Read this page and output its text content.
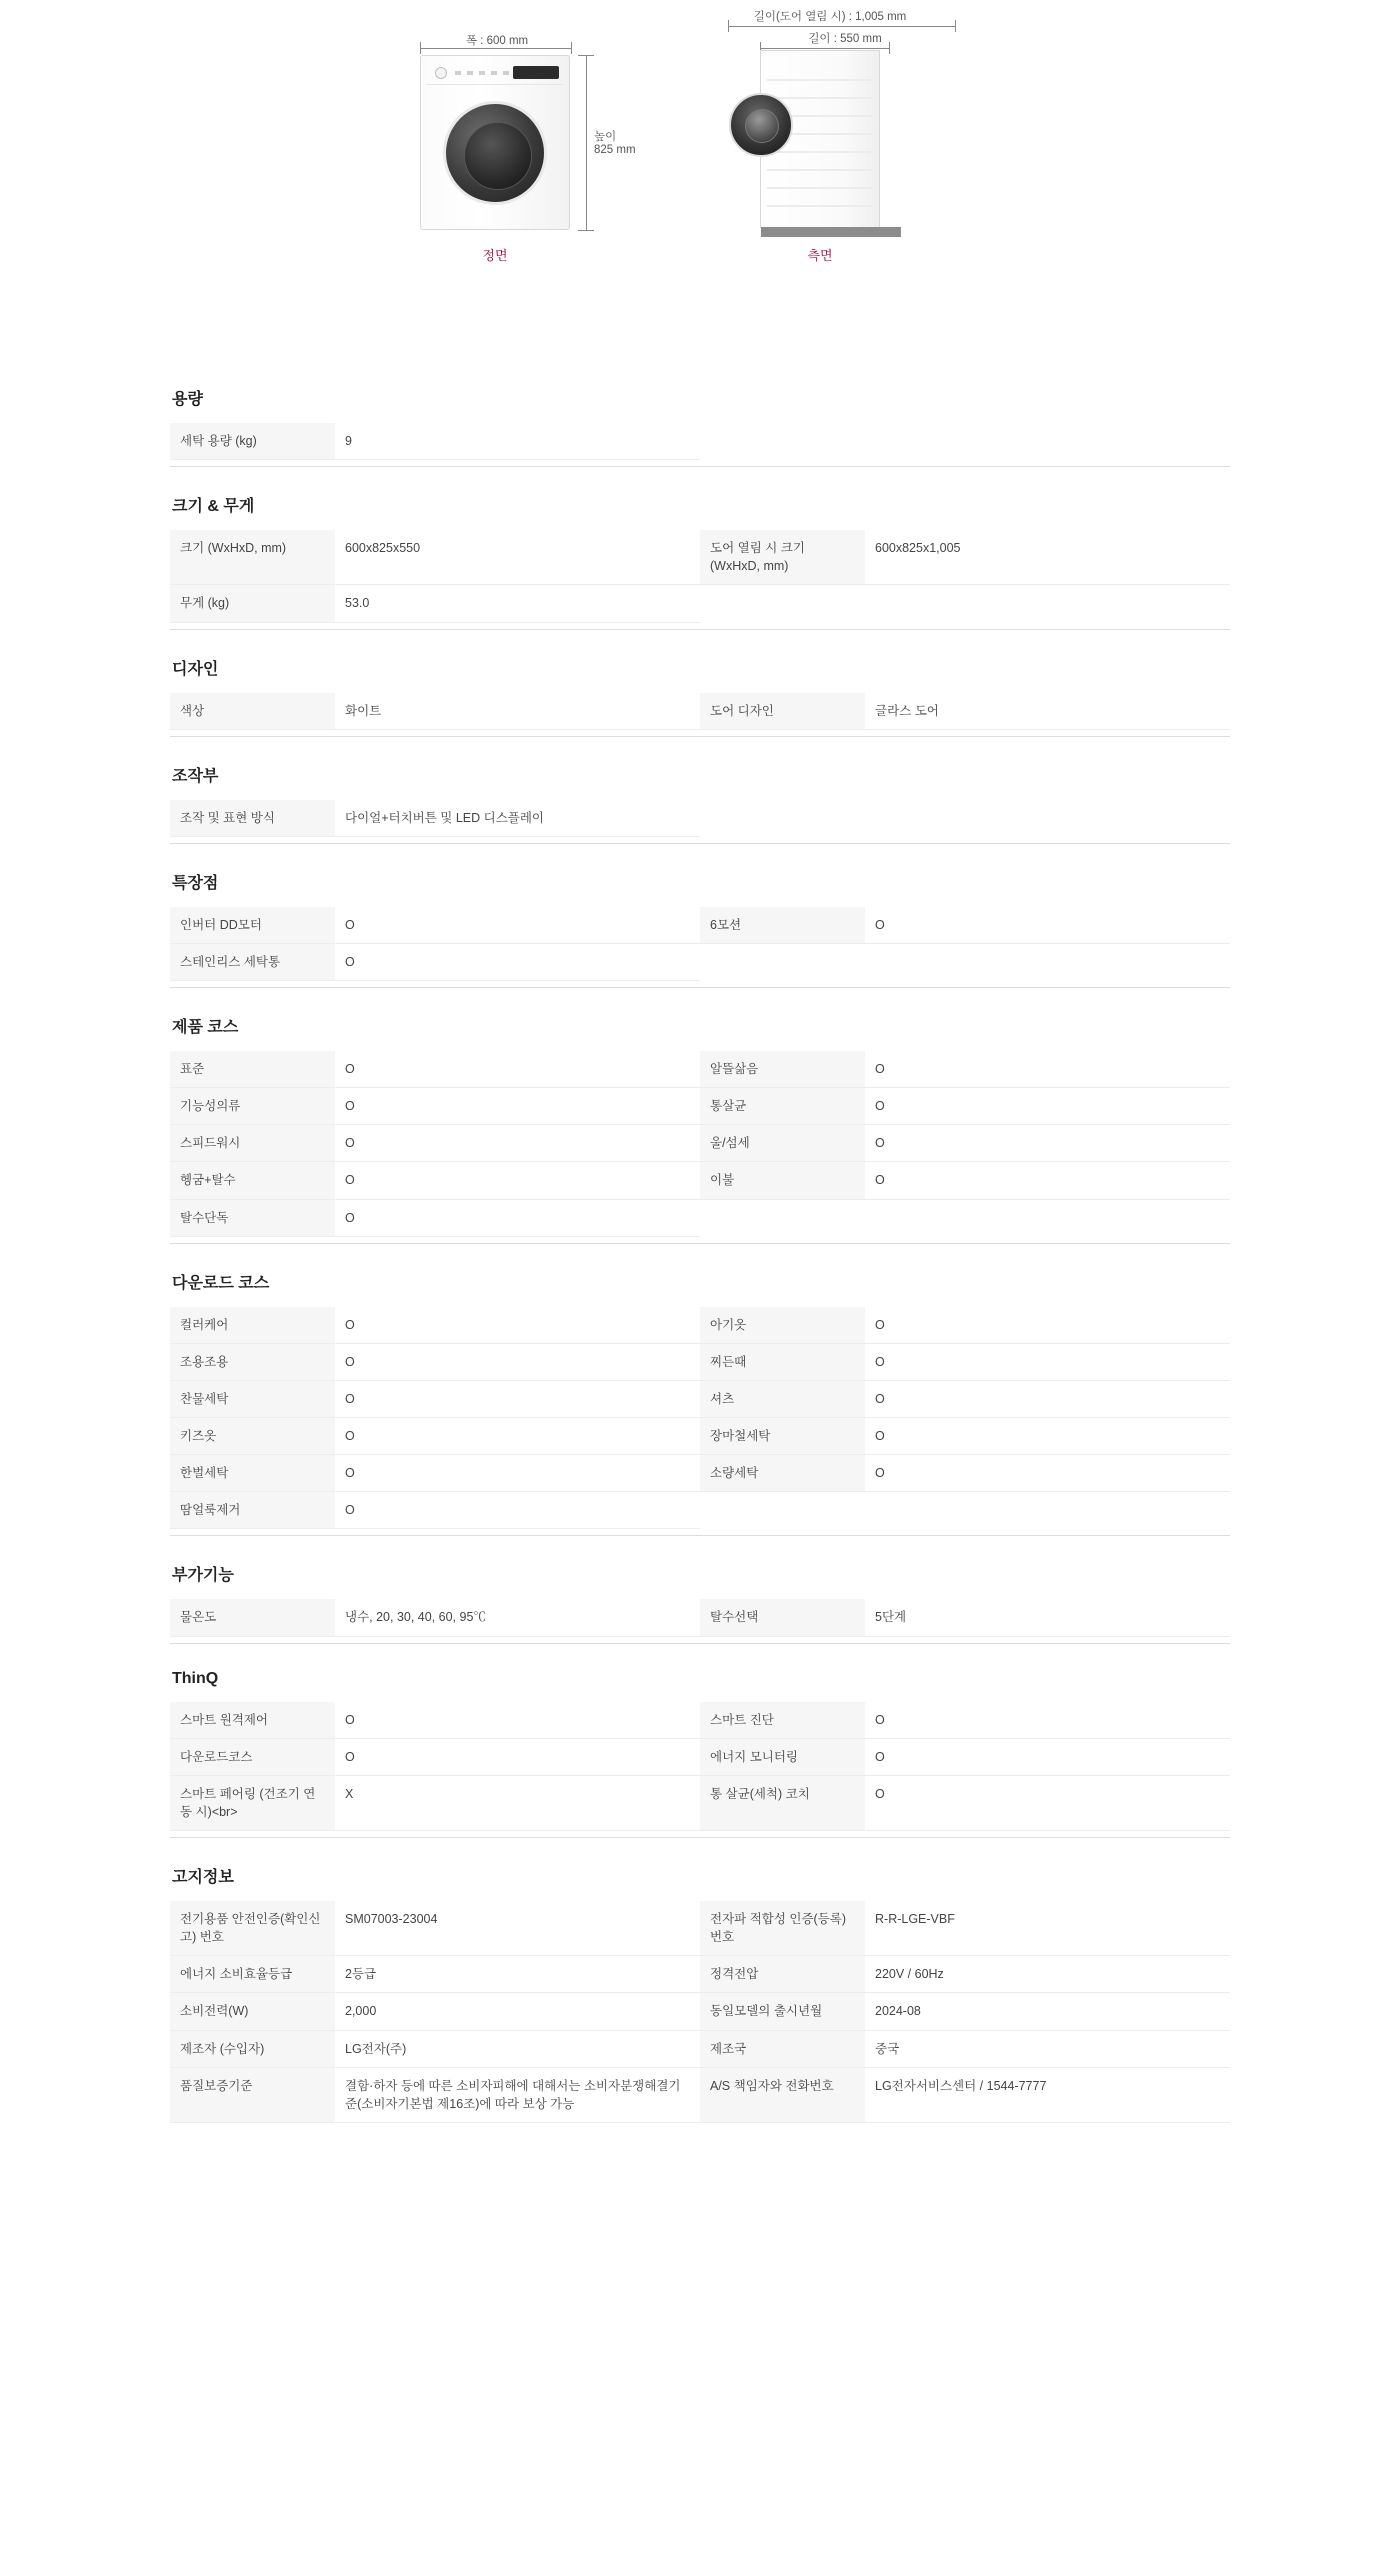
폭 : 600 mm
높이
825 mm
정면
길이(도어 열림 시) : 1,005 mm
길이 : 550 mm
측면
용량
세탁 용량 (kg)	9		
크기 & 무게
크기 (WxHxD, mm)	600x825x550	도어 열림 시 크기 (WxHxD, mm)	600x825x1,005
무게 (kg)	53.0		
디자인
색상	화이트	도어 디자인	글라스 도어
조작부
조작 및 표현 방식	다이얼+터치버튼 및 LED 디스플레이		
특장점
인버터 DD모터	O	6모션	O
스테인리스 세탁통	O		
제품 코스
표준	O	알뜰삶음	O
기능성의류	O	통살균	O
스피드워시	O	울/섬세	O
헹굼+탈수	O	이불	O
탈수단독	O		
다운로드 코스
컬러케어	O	아기옷	O
조용조용	O	찌든때	O
찬물세탁	O	셔츠	O
키즈옷	O	장마철세탁	O
한벌세탁	O	소량세탁	O
땀얼룩제거	O		
부가기능
물온도	냉수, 20, 30, 40, 60, 95℃	탈수선택	5단계
ThinQ
스마트 원격제어	O	스마트 진단	O
다운로드코스	O	에너지 모니터링	O
스마트 페어링 (건조기 연동 시)<br>	X	통 살균(세척) 코치	O
고지정보
전기용품 안전인증(확인신고) 번호	SM07003-23004	전자파 적합성 인증(등록) 번호	R-R-LGE-VBF
에너지 소비효율등급	2등급	정격전압	220V / 60Hz
소비전력(W)	2,000	동일모델의 출시년월	2024-08
제조자 (수입자)	LG전자(주)	제조국	중국
품질보증기준	결함·하자 등에 따른 소비자피해에 대해서는 소비자분쟁해결기준(소비자기본법 제16조)에 따라 보상 가능	A/S 책임자와 전화번호	LG전자서비스센터 / 1544-7777
